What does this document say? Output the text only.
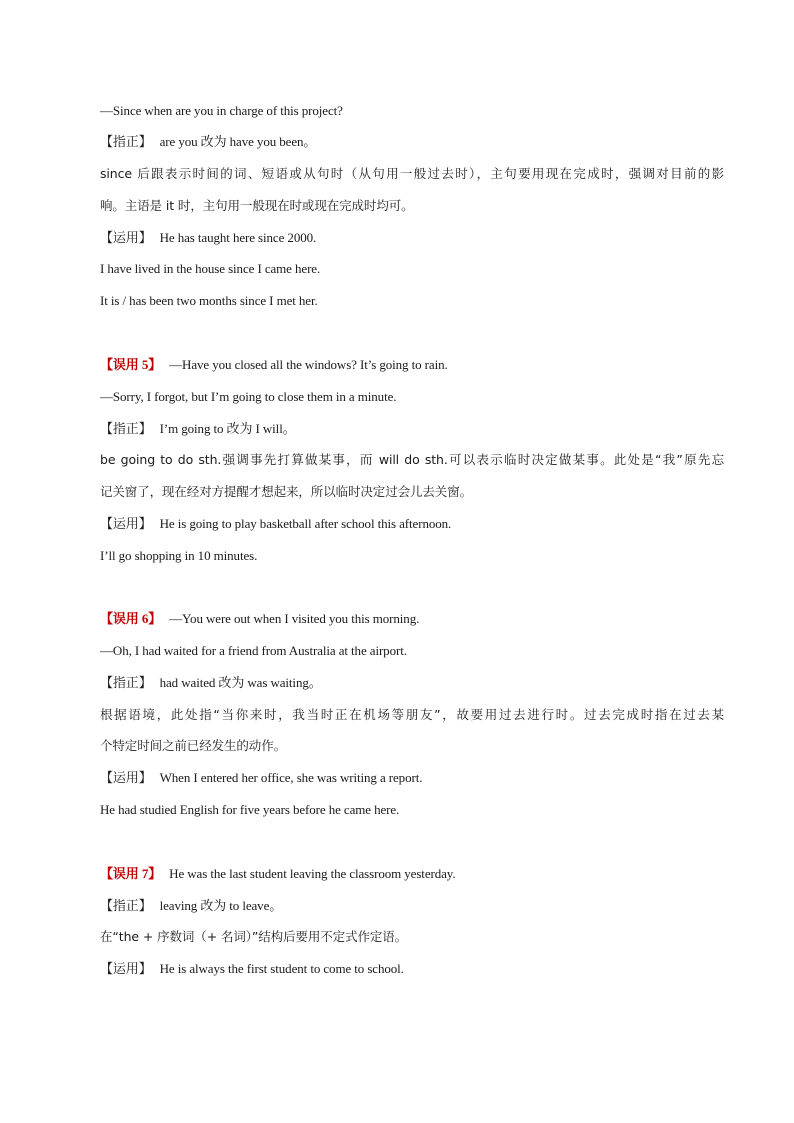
—Since when are you in charge of this project?
【指正】 are you 改为 have you been。
since 后跟表示时间的词、短语或从句时（从句用一般过去时），主句要用现在完成时，强调对目前的影
响。主语是 it 时，主句用一般现在时或现在完成时均可。
【运用】 He has taught here since 2000.
I have lived in the house since I came here.
It is / has been two months since I met her.
【误用 5】 —Have you closed all the windows? It’s going to rain.
—Sorry, I forgot, but I’m going to close them in a minute.
【指正】 I’m going to 改为 I will。
be going to do sth.强调事先打算做某事，而 will do sth.可以表示临时决定做某事。此处是“我”原先忘
记关窗了，现在经对方提醒才想起来，所以临时决定过会儿去关窗。
【运用】 He is going to play basketball after school this afternoon.
I’ll go shopping in 10 minutes.
【误用 6】 —You were out when I visited you this morning.
—Oh, I had waited for a friend from Australia at the airport.
【指正】 had waited 改为 was waiting。
根据语境，此处指“当你来时，我当时正在机场等朋友”，故要用过去进行时。过去完成时指在过去某
个特定时间之前已经发生的动作。
【运用】 When I entered her office, she was writing a report.
He had studied English for five years before he came here.
【误用 7】 He was the last student leaving the classroom yesterday.
【指正】 leaving 改为 to leave。
在“the + 序数词（+ 名词）”结构后要用不定式作定语。
【运用】 He is always the first student to come to school.
